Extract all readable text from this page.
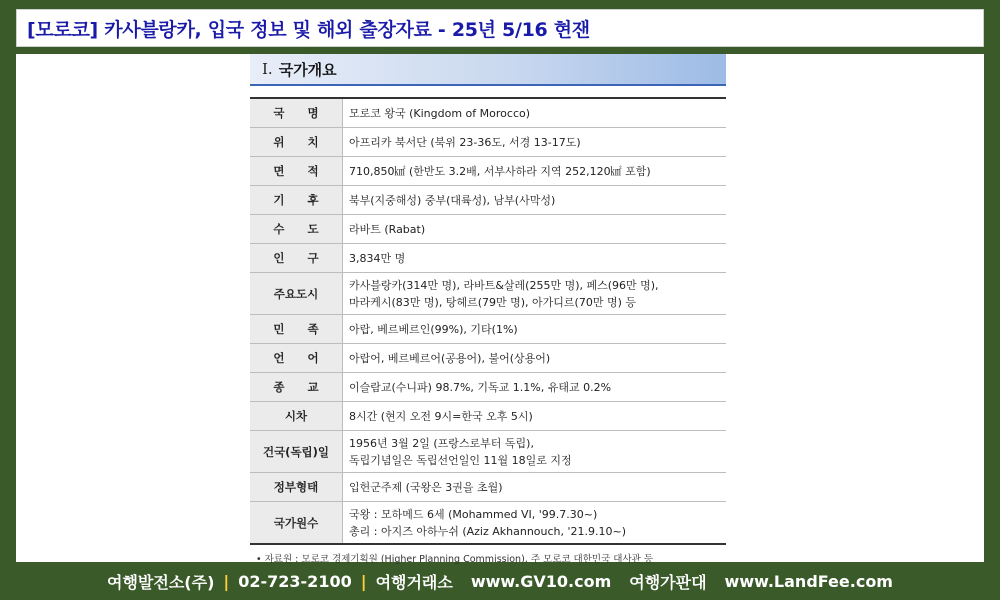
[모로코] 카사블랑카, 입국 정보 및 해외 출장자료 - 25년 5/16 현잰
Ⅰ. 국가개요
국　　명	모로코 왕국 (Kingdom of Morocco)

위　　치	아프리카 북서단 (북위 23-36도, 서경 13-17도)

면　　적	710,850㎢ (한반도 3.2배, 서부사하라 지역 252,120㎢ 포함)

기　　후	북부(지중해성) 중부(대륙성), 남부(사막성)

수　　도	라바트 (Rabat)

인　　구	3,834만 명

주요도시	카사블랑카(314만 명), 라바트&살레(255만 명), 페스(96만 명),
마라케시(83만 명), 탕헤르(79만 명), 아가디르(70만 명) 등

민　　족	아랍, 베르베르인(99%), 기타(1%)

언　　어	아랍어, 베르베르어(공용어), 불어(상용어)

종　　교	이슬람교(수니파) 98.7%, 기독교 1.1%, 유태교 0.2%

시차	8시간 (현지 오전 9시=한국 오후 5시)

건국(독립)일	1956년 3월 2일 (프랑스로부터 독립),
독립기념일은 독립선언일인 11월 18일로 지정

정부형태	입헌군주제 (국왕은 3권을 초월)

국가원수	국왕 : 모하메드 6세 (Mohammed VI, '99.7.30~)
총리 : 아지즈 아하누쉬 (Aziz Akhannouch, '21.9.10~)
• 자료원 : 모로코 경제기획원 (Higher Planning Commission), 주 모로코 대한민국 대사관 등
여행발전소(주) | 02-723-2100 | 여행거래소 www.GV10.com 여행가판대 www.LandFee.com
